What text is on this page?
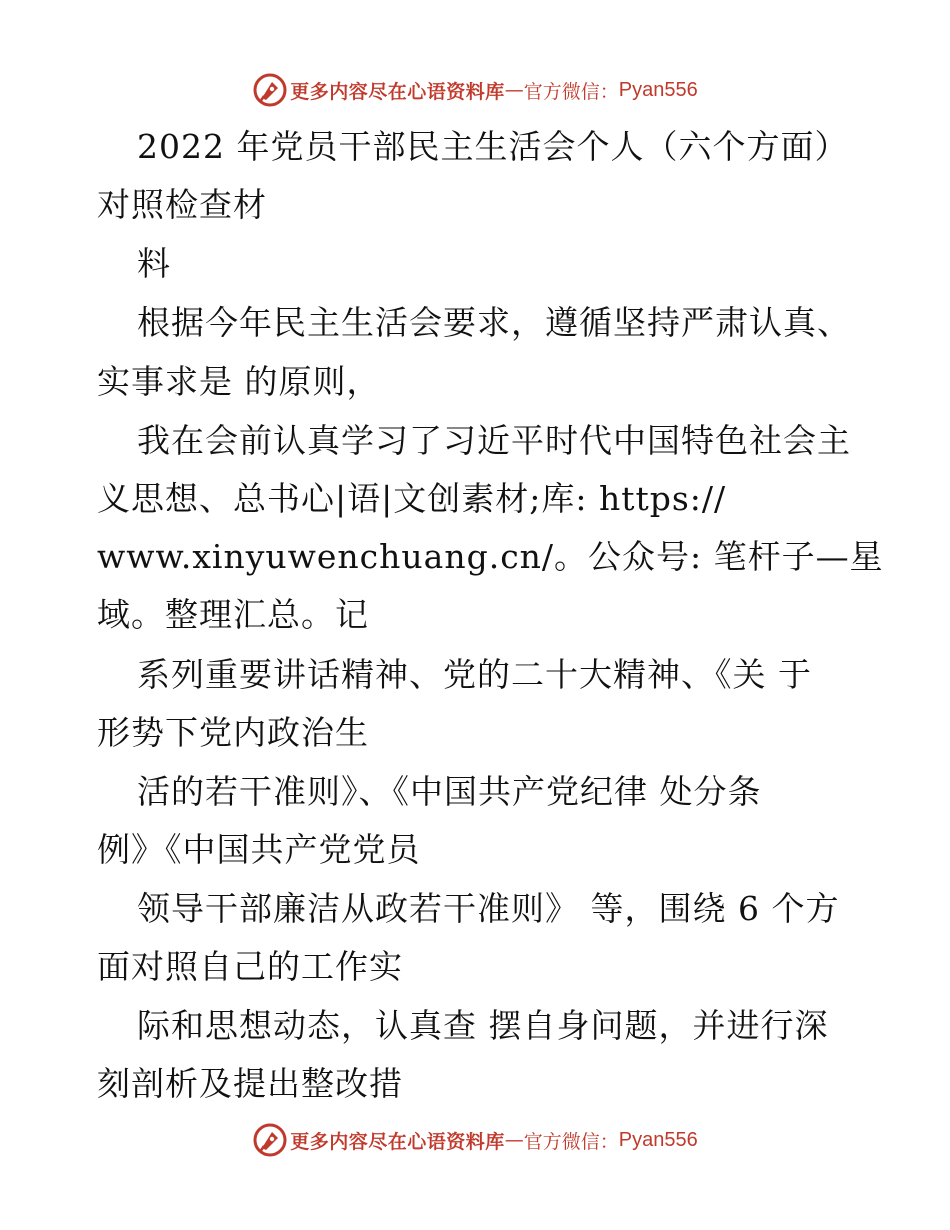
更多内容尽在心语资料库 — 官方微信： Pyan556
2022 年党员干部民主生活会个人（六个方面）
对照检查材
料
根据今年民主生活会要求，遵循坚持严肃认真、
实事求是 的原则，
我在会前认真学习了习近平时代中国特色社会主
义思想、总书心|语|文创素材;库: https://
www.xinyuwenchuang.cn/。公众号: 笔杆子—星
域。整理汇总。记
系列重要讲话精神、党的二十大精神、《关 于
形势下党内政治生
活的若干准则》、《中国共产党纪律 处分条
例》《中国共产党党员
领导干部廉洁从政若干准则》 等，围绕 6 个方
面对照自己的工作实
际和思想动态，认真查 摆自身问题，并进行深
刻剖析及提出整改措
更多内容尽在心语资料库 — 官方微信： Pyan556
